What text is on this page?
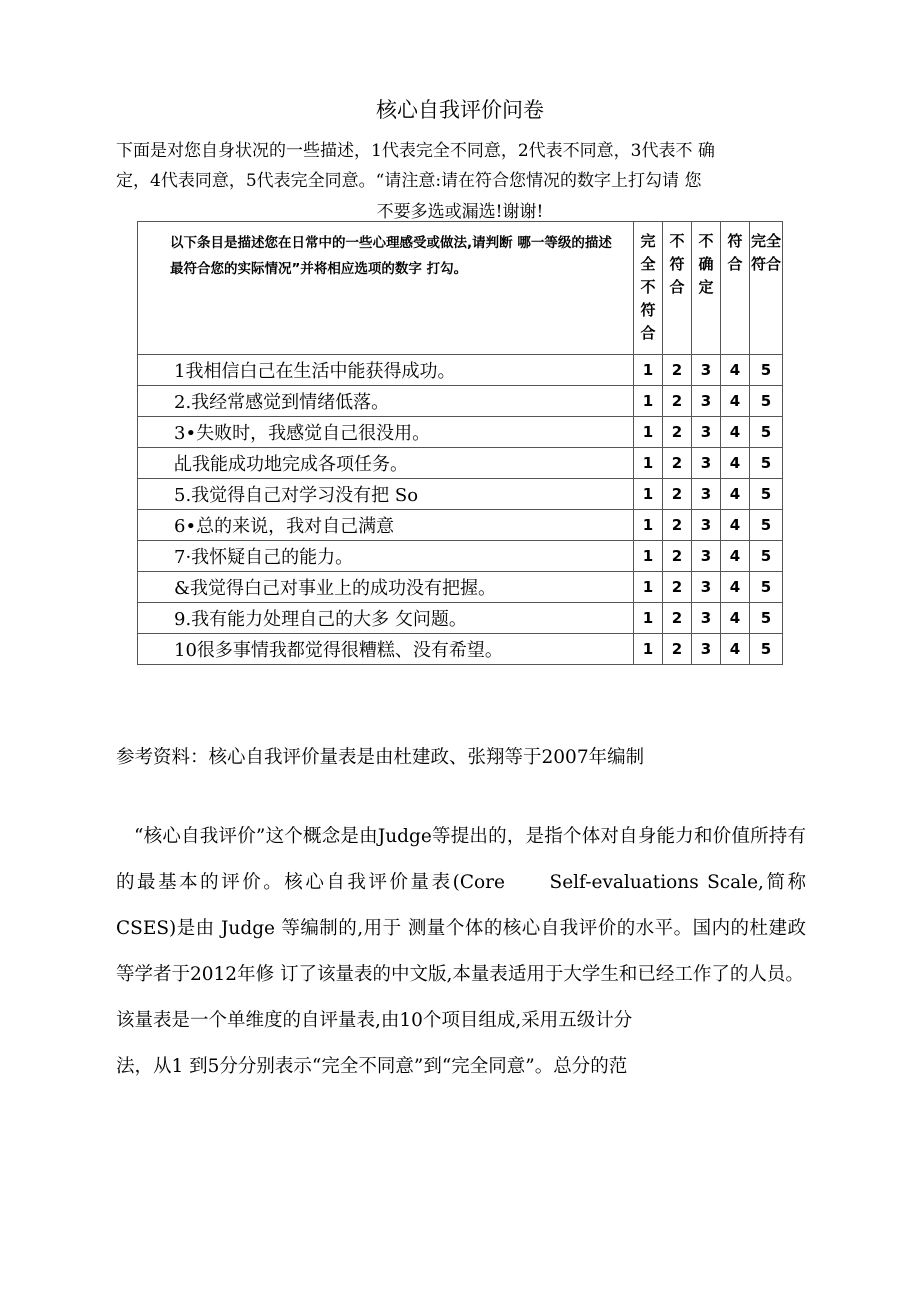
核心自我评价问卷
下面是对您自身状况的一些描述，1代表完全不同意，2代表不同意，3代表不 确
定，4代表同意，5代表完全同意。“请注意:请在符合您情况的数字上打勾请 您
不要多选或漏选!谢谢!
以下条目是描述您在日常中的一些心理感受或做法,请判断 哪一等级的描述最符合您的实际情况”并将相应选项的数字 打勾。	完全不符合	不符合	不确定	符合	完全符合
1我相信白己在生活中能获得成功。	1	2	3	4	5
2.我经常感觉到情绪低落。	1	2	3	4	5
3•失败时，我感觉自己很没用。	1	2	3	4	5
乩我能成功地完成各项任务。	1	2	3	4	5
5.我觉得自己对学习没有把 So	1	2	3	4	5
6•总的来说，我对自己满意	1	2	3	4	5
7·我怀疑自己的能力。	1	2	3	4	5
&我觉得白己对事业上的成功没有把握。	1	2	3	4	5
9.我有能力处理自己的大多 攵问题。	1	2	3	4	5
10很多事情我都觉得很糟糕、没有希望。	1	2	3	4	5
参考资料：核心自我评价量表是由杜建政、张翔等于2007年编制

“核心自我评价”这个概念是由Judge等提出的，是指个体对自身能力和价值所持有的最基本的评价。核心自我评价量表(Core　　Self-evaluations Scale,简称 CSES)是由 Judge 等编制的,用于 测量个体的核心自我评价的水平。国内的杜建政等学者于2012年修 订了该量表的中文版,本量表适用于大学生和已经工作了的人员。

该量表是一个单维度的自评量表,由10个项目组成,采用五级计分

法，从1 到5分分别表示“完全不同意”到“完全同意”。总分的范
